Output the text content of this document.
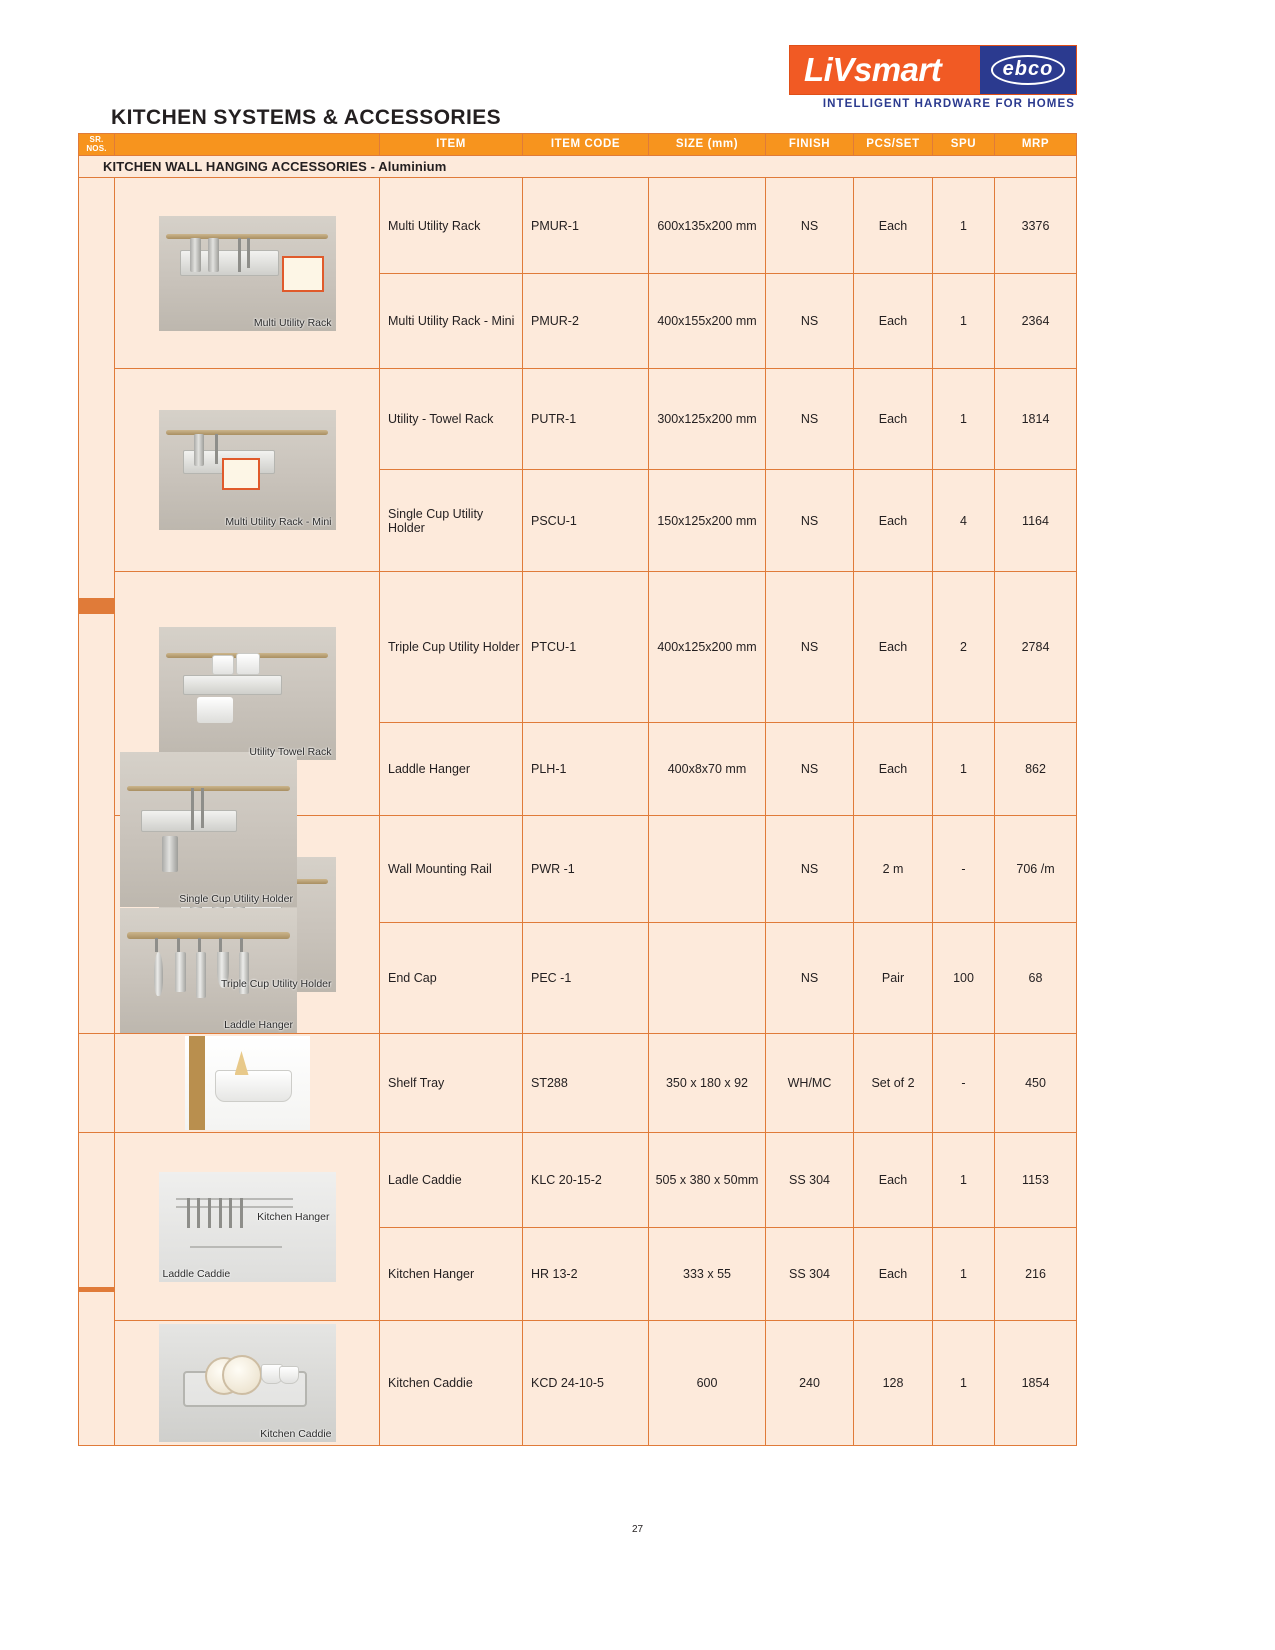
LiVsmart	ebco
INTELLIGENT HARDWARE FOR HOMES
KITCHEN SYSTEMS & ACCESSORIES
SR. NOS.		ITEM	ITEM CODE	SIZE (mm)	FINISH	PCS/SET	SPU	MRP
KITCHEN WALL HANGING ACCESSORIES - Aluminium								

	Multi Utility Rack	Multi Utility Rack	PMUR-1	600x135x200 mm	NS	Each	1	3376
		Multi Utility Rack - Mini	PMUR-2	400x155x200 mm	NS	Each	1	2364

	Multi Utility Rack - Mini	Utility - Towel Rack	PUTR-1	300x125x200 mm	NS	Each	1	1814
		Single Cup Utility Holder	PSCU-1	150x125x200 mm	NS	Each	4	1164

	Utility Towel Rack	Triple Cup Utility Holder	PTCU-1	400x125x200 mm	NS	Each	2	2784
		Laddle Hanger	PLH-1	400x8x70 mm	NS	Each	1	862

	Triple Cup Utility Holder	Wall Mounting Rail	PWR -1		NS	2 m	-	706 /m
		End Cap	PEC -1		NS	Pair	100	68

	Shelf Tray	ST288	350 x 180 x 92	WH/MC	Set of 2	-	450

	Kitchen Hanger
Laddle Caddie	Ladle Caddie	KLC 20-15-2	505 x 380 x 50mm	SS 304	Each	1	1153
		Kitchen Hanger	HR 13-2	333 x 55	SS 304	Each	1	216

	Kitchen Caddie	Kitchen Caddie	KCD 24-10-5	600	240	128	1	1854
Single Cup Utility Holder
Laddle Hanger
27
